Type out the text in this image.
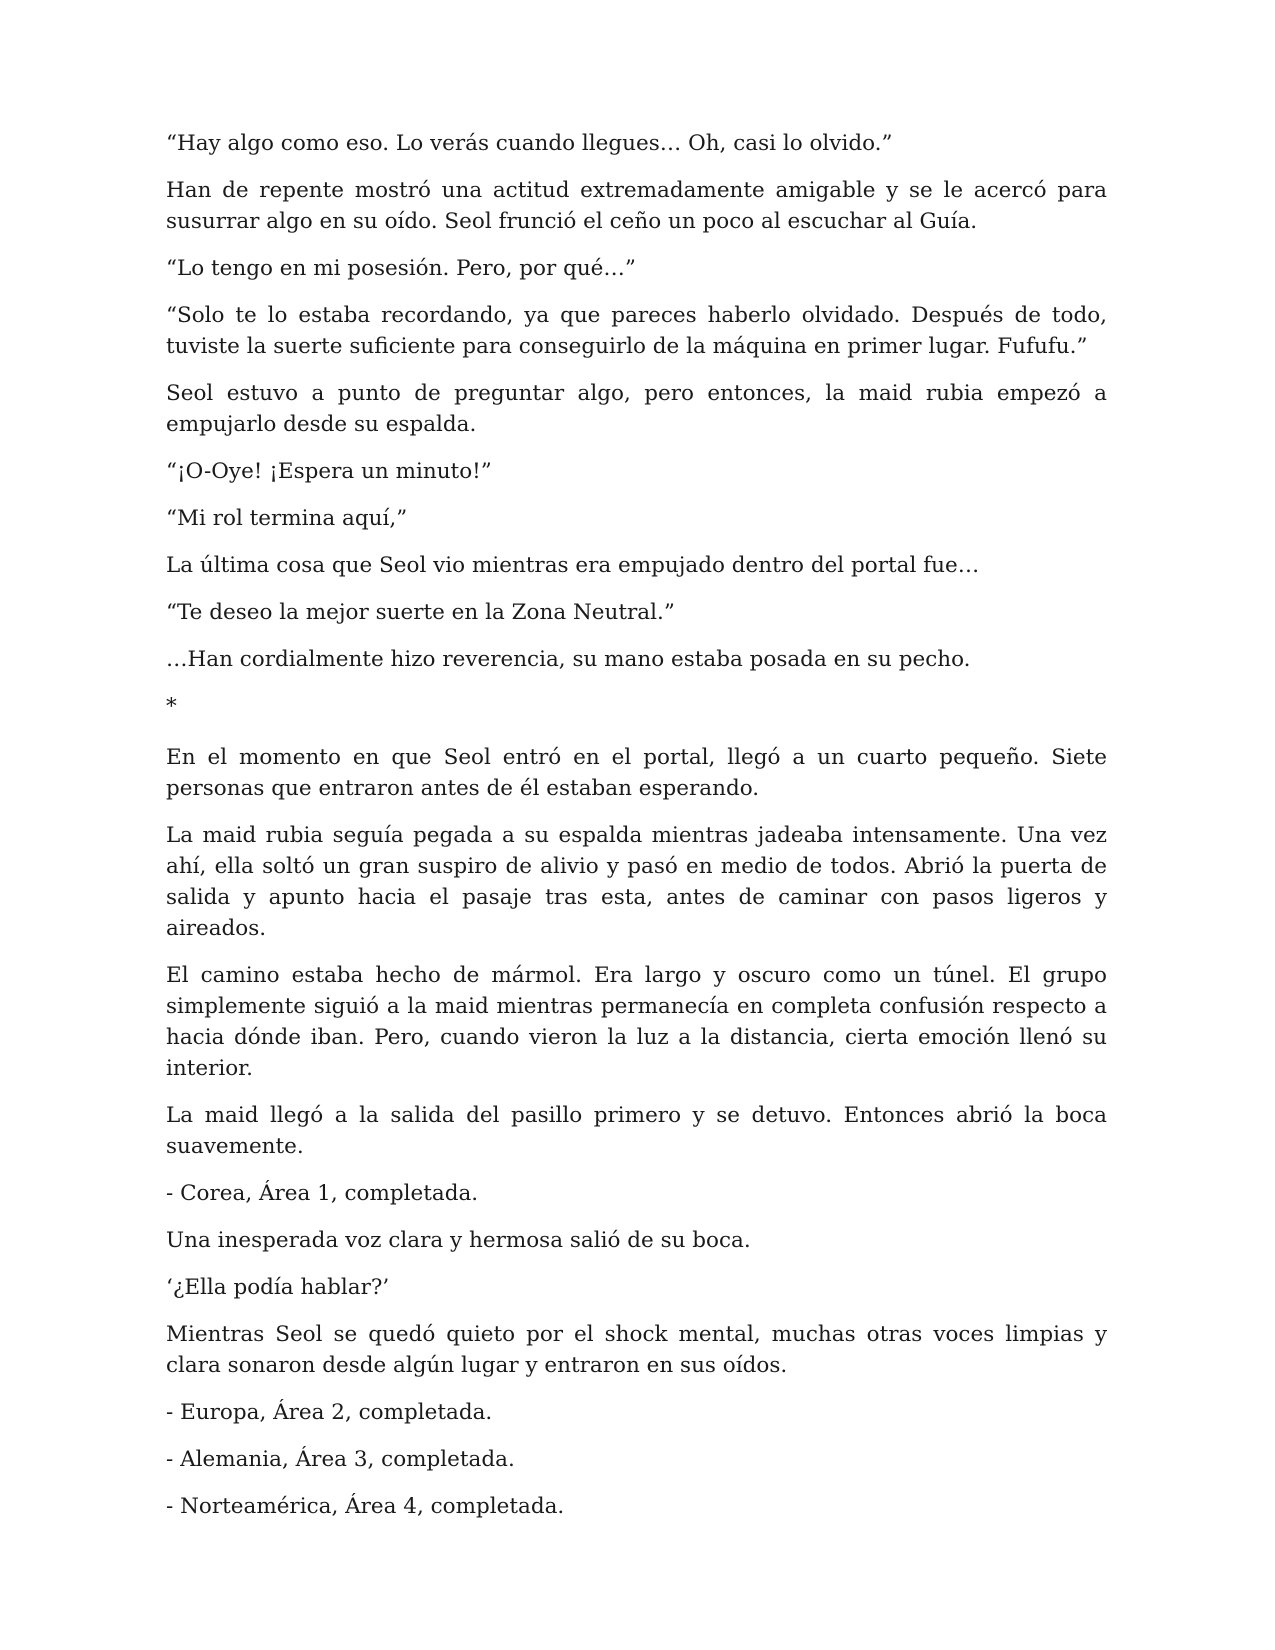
“Hay algo como eso. Lo verás cuando llegues… Oh, casi lo olvido.”

Han de repente mostró una actitud extremadamente amigable y se le acercó para susurrar algo en su oído. Seol frunció el ceño un poco al escuchar al Guía.

“Lo tengo en mi posesión. Pero, por qué…”

“Solo te lo estaba recordando, ya que pareces haberlo olvidado. Después de todo, tuviste la suerte suficiente para conseguirlo de la máquina en primer lugar. Fufufu.”

Seol estuvo a punto de preguntar algo, pero entonces, la maid rubia empezó a empujarlo desde su espalda.

“¡O-Oye! ¡Espera un minuto!”

“Mi rol termina aquí,”

La última cosa que Seol vio mientras era empujado dentro del portal fue…

“Te deseo la mejor suerte en la Zona Neutral.”

…Han cordialmente hizo reverencia, su mano estaba posada en su pecho.

*

En el momento en que Seol entró en el portal, llegó a un cuarto pequeño. Siete personas que entraron antes de él estaban esperando.

La maid rubia seguía pegada a su espalda mientras jadeaba intensamente. Una vez ahí, ella soltó un gran suspiro de alivio y pasó en medio de todos. Abrió la puerta de salida y apunto hacia el pasaje tras esta, antes de caminar con pasos ligeros y aireados.

El camino estaba hecho de mármol. Era largo y oscuro como un túnel. El grupo simplemente siguió a la maid mientras permanecía en completa confusión respecto a hacia dónde iban. Pero, cuando vieron la luz a la distancia, cierta emoción llenó su interior.

La maid llegó a la salida del pasillo primero y se detuvo. Entonces abrió la boca suavemente.

- Corea, Área 1, completada.

Una inesperada voz clara y hermosa salió de su boca.

‘¿Ella podía hablar?’

Mientras Seol se quedó quieto por el shock mental, muchas otras voces limpias y clara sonaron desde algún lugar y entraron en sus oídos.

- Europa, Área 2, completada.

- Alemania, Área 3, completada.

- Norteamérica, Área 4, completada.
